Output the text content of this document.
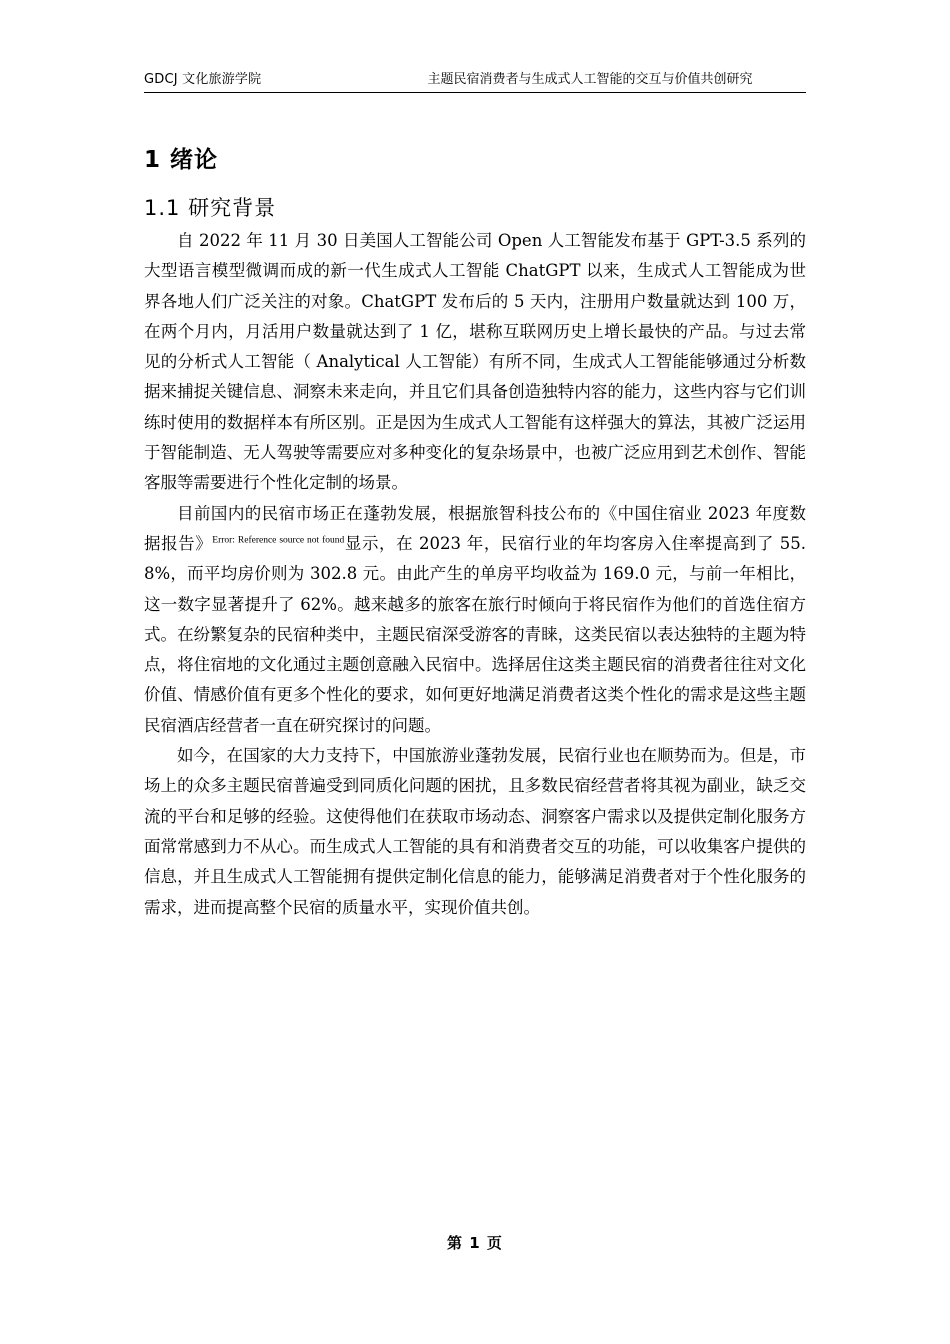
GDCJ 文化旅游学院	主题民宿消费者与生成式人工智能的交互与价值共创研究
1 绪论
1.1 研究背景

自 2022 年 11 月 30 日美国人工智能公司 Open 人工智能发布基于 GPT-3.5 系列的大型语言模型微调而成的新一代生成式人工智能 ChatGPT 以来，生成式人工智能成为世界各地人们广泛关注的对象。ChatGPT 发布后的 5 天内，注册用户数量就达到 100 万，在两个月内，月活用户数量就达到了 1 亿，堪称互联网历史上增长最快的产品。与过去常见的分析式人工智能（ Analytical 人工智能）有所不同，生成式人工智能能够通过分析数据来捕捉关键信息、洞察未来走向，并且它们具备创造独特内容的能力，这些内容与它们训练时使用的数据样本有所区别。正是因为生成式人工智能有这样强大的算法，其被广泛运用于智能制造、无人驾驶等需要应对多种变化的复杂场景中，也被广泛应用到艺术创作、智能客服等需要进行个性化定制的场景。

目前国内的民宿市场正在蓬勃发展，根据旅智科技公布的《中国住宿业 2023 年度数据报告》$^{Error: Reference source not found}$显示，在 2023 年，民宿行业的年均客房入住率提高到了 55.8%，而平均房价则为 302.8 元。由此产生的单房平均收益为 169.0 元，与前一年相比，这一数字显著提升了 62%。越来越多的旅客在旅行时倾向于将民宿作为他们的首选住宿方式。在纷繁复杂的民宿种类中，主题民宿深受游客的青睐，这类民宿以表达独特的主题为特点，将住宿地的文化通过主题创意融入民宿中。选择居住这类主题民宿的消费者往往对文化价值、情感价值有更多个性化的要求，如何更好地满足消费者这类个性化的需求是这些主题民宿酒店经营者一直在研究探讨的问题。

如今，在国家的大力支持下，中国旅游业蓬勃发展，民宿行业也在顺势而为。但是，市场上的众多主题民宿普遍受到同质化问题的困扰，且多数民宿经营者将其视为副业，缺乏交流的平台和足够的经验。这使得他们在获取市场动态、洞察客户需求以及提供定制化服务方面常常感到力不从心。而生成式人工智能的具有和消费者交互的功能，可以收集客户提供的信息，并且生成式人工智能拥有提供定制化信息的能力，能够满足消费者对于个性化服务的需求，进而提高整个民宿的质量水平，实现价值共创。

第 1 页
